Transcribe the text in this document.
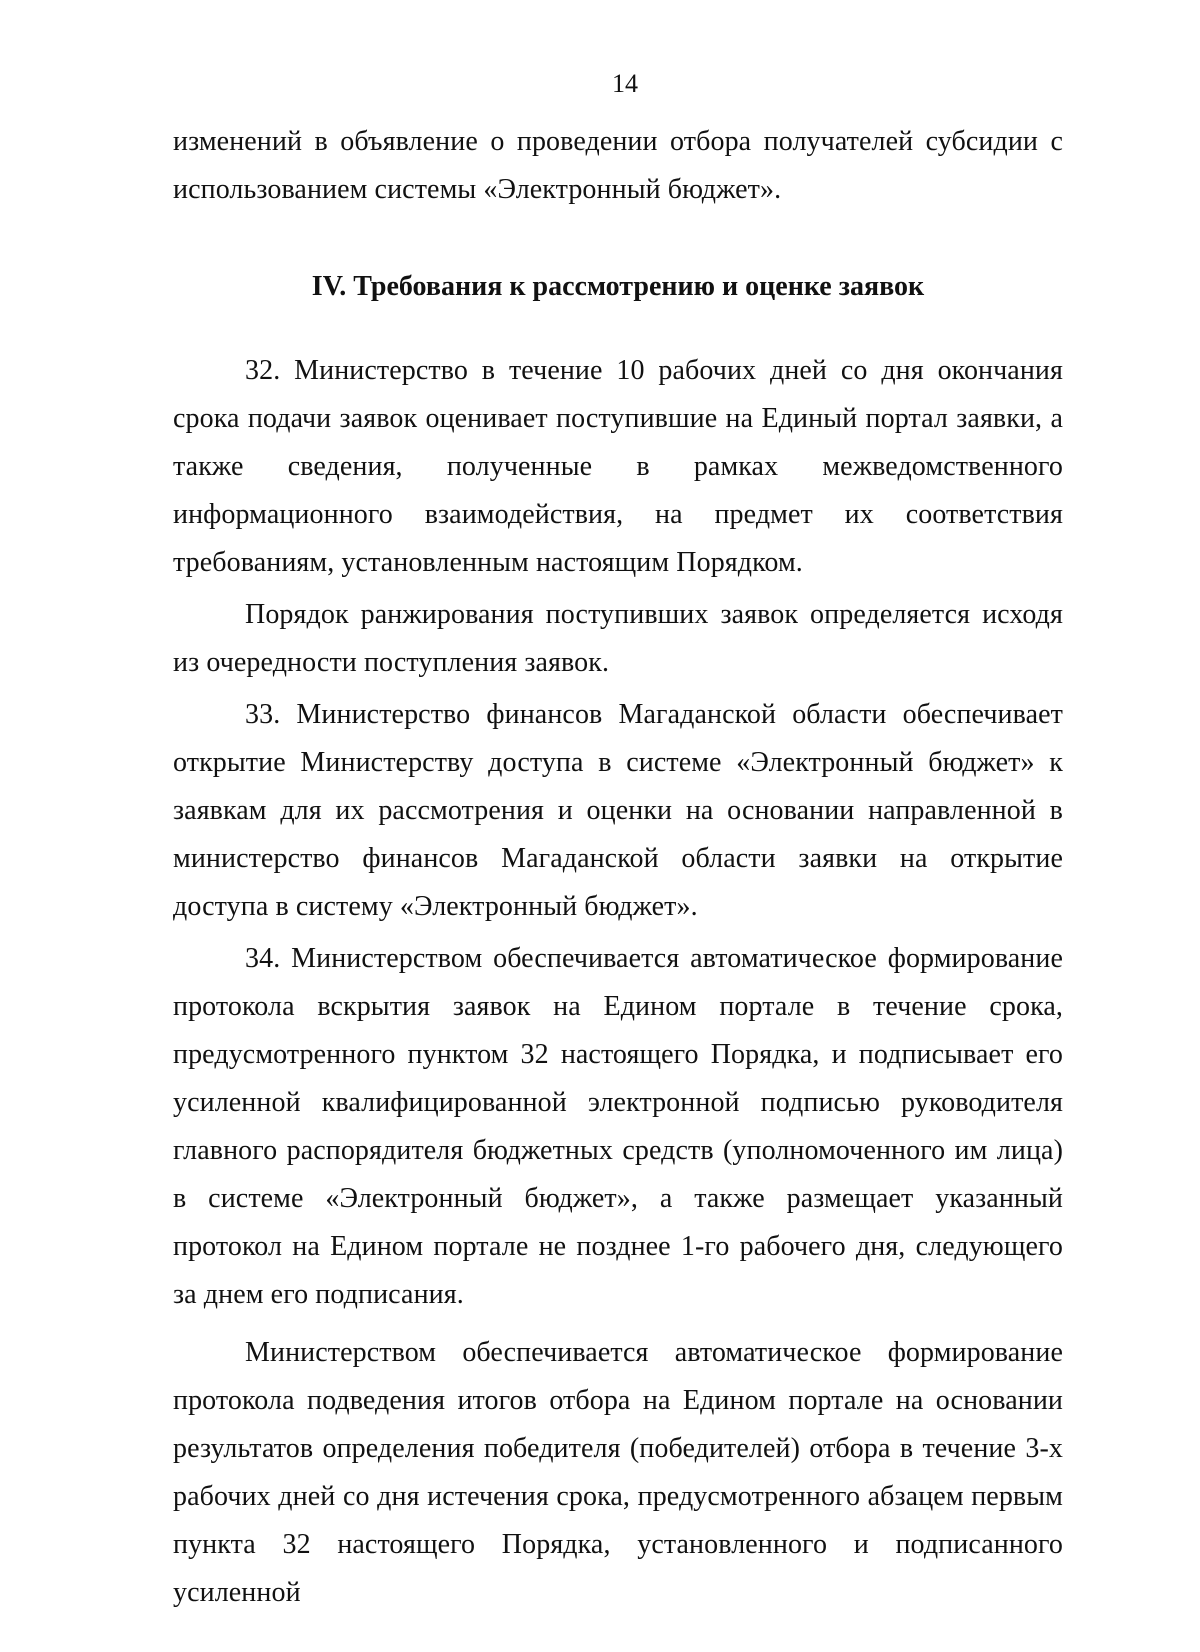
14

изменений в объявление о проведении отбора получателей субсидии с использованием системы «Электронный бюджет».

IV. Требования к рассмотрению и оценке заявок

32. Министерство в течение 10 рабочих дней со дня окончания срока подачи заявок оценивает поступившие на Единый портал заявки, а также сведения, полученные в рамках межведомственного информационного взаимодействия, на предмет их соответствия требованиям, установленным настоящим Порядком.

Порядок ранжирования поступивших заявок определяется исходя из очередности поступления заявок.

33. Министерство финансов Магаданской области обеспечивает открытие Министерству доступа в системе «Электронный бюджет» к заявкам для их рассмотрения и оценки на основании направленной в министерство финансов Магаданской области заявки на открытие доступа в систему «Электронный бюджет».

34. Министерством обеспечивается автоматическое формирование протокола вскрытия заявок на Едином портале в течение срока, предусмотренного пунктом 32 настоящего Порядка, и подписывает его усиленной квалифицированной электронной подписью руководителя главного распорядителя бюджетных средств (уполномоченного им лица) в системе «Электронный бюджет», а также размещает указанный протокол на Едином портале не позднее 1-го рабочего дня, следующего за днем его подписания.

Министерством обеспечивается автоматическое формирование протокола подведения итогов отбора на Едином портале на основании результатов определения победителя (победителей) отбора в течение 3-х рабочих дней со дня истечения срока, предусмотренного абзацем первым пункта 32 настоящего Порядка, установленного и подписанного усиленной
